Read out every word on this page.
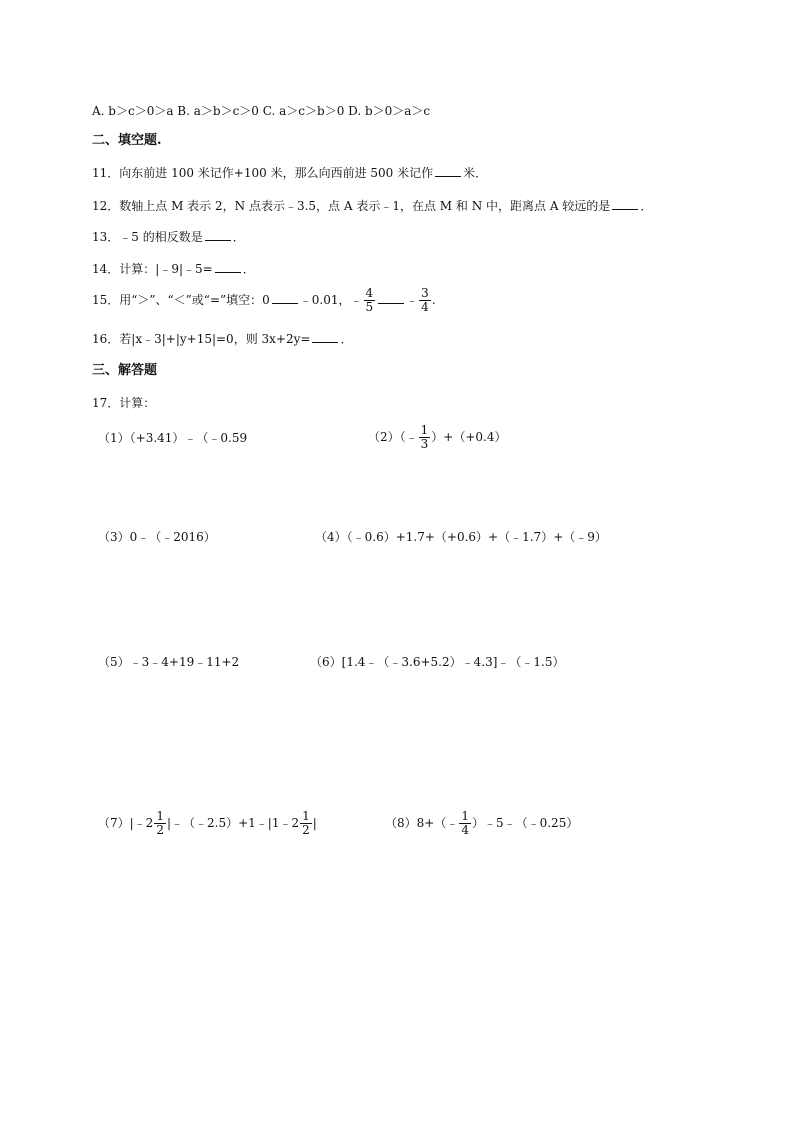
A. b＞c＞0＞a B. a＞b＞c＞0 C. a＞c＞b＞0 D. b＞0＞a＞c
二、填空题.
11．向东前进 100 米记作+100 米，那么向西前进 500 米记作	米．
12．数轴上点 M 表示 2，N 点表示﹣3.5，点 A 表示﹣1，在点 M 和 N 中，距离点 A 较远的是	．
13．﹣5 的相反数是	．
14．计算：|﹣9|﹣5=	．
15．用“＞”、“＜”或“=”填空：0	﹣0.01，﹣ $\frac{4}{5}$	﹣ $\frac{3}{4}$ .
16．若|x﹣3|+|y+15|=0，则 3x+2y=	．
三、解答题
17．计算：
（1）（+3.41）﹣（﹣0.59	（2）（﹣ $\frac{1}{3} )+(+0.4)$
（3）0﹣（﹣2016）	（4）（﹣0.6）+1.7+（+0.6）+（﹣1.7）+（﹣9）
（5）﹣3﹣4+19﹣11+2	（6）[1.4﹣（﹣3.6+5.2）﹣4.3]﹣（﹣1.5）
（7）|﹣2 $\frac{1}{2}$ |﹣（﹣2.5）+1﹣|1﹣2 $\frac{1}{2}$ |	（8）8+（﹣ $\frac{1}{4}$ ）﹣5﹣（﹣0.25）
